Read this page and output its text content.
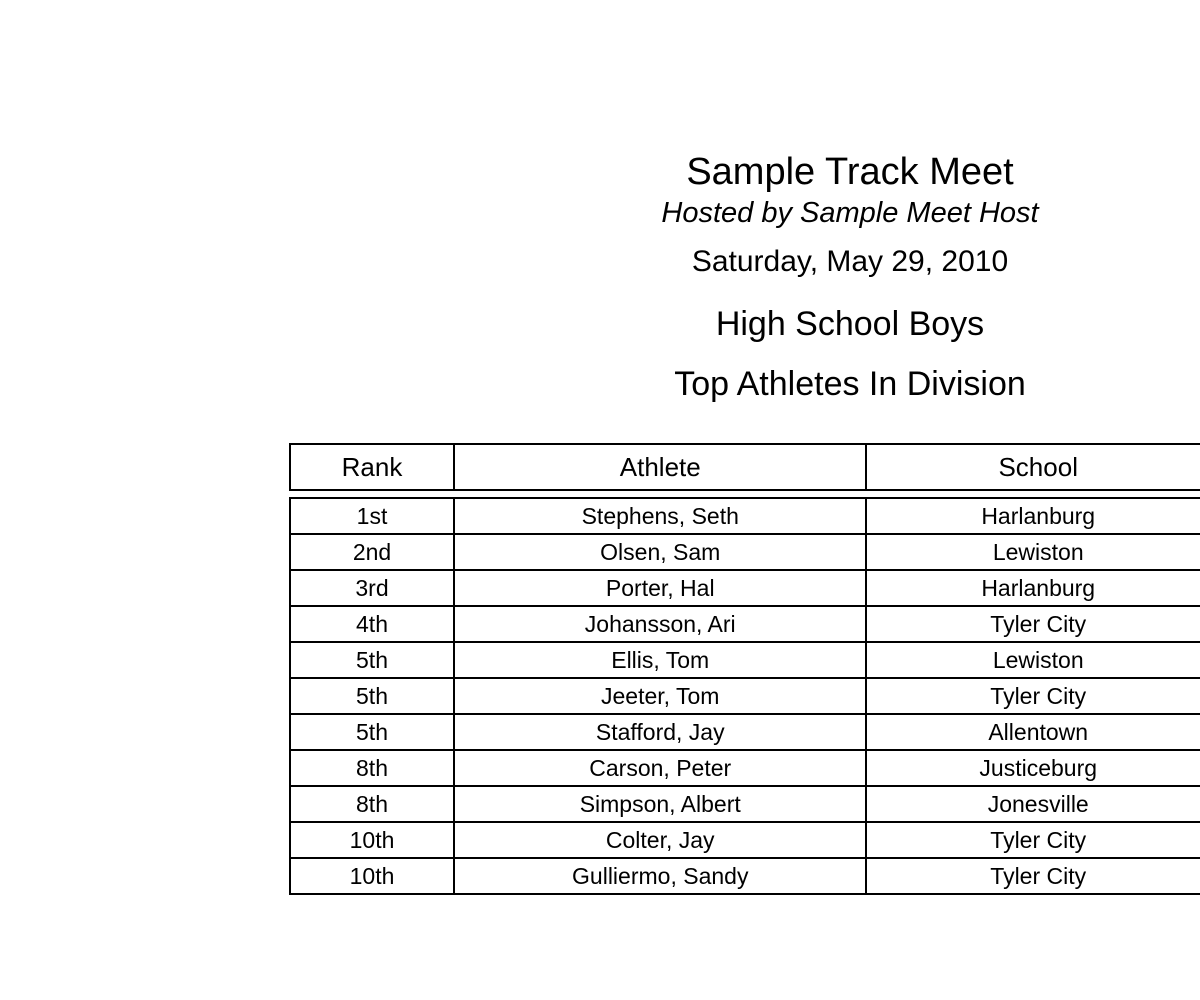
Sample Track Meet
Hosted by Sample Meet Host
Saturday, May 29, 2010
High School Boys
Top Athletes In Division
Rank	Athlete	School
1st	Stephens, Seth	Harlanburg
2nd	Olsen, Sam	Lewiston
3rd	Porter, Hal	Harlanburg
4th	Johansson, Ari	Tyler City
5th	Ellis, Tom	Lewiston
5th	Jeeter, Tom	Tyler City
5th	Stafford, Jay	Allentown
8th	Carson, Peter	Justiceburg
8th	Simpson, Albert	Jonesville
10th	Colter, Jay	Tyler City
10th	Gulliermo, Sandy	Tyler City
